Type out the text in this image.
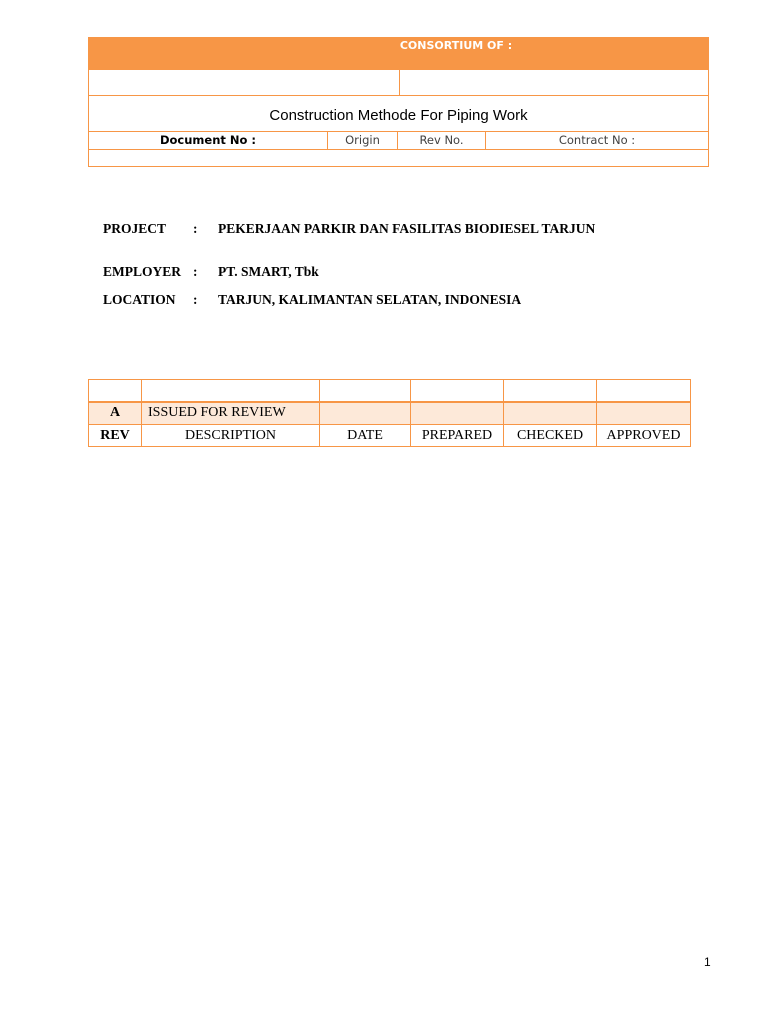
CONSORTIUM OF :
Construction Methode For Piping Work
Document No :	Origin	Rev No.	Contract No :
PROJECT : PEKERJAAN PARKIR DAN FASILITAS BIODIESEL TARJUN
EMPLOYER : PT. SMART, Tbk
LOCATION : TARJUN, KALIMANTAN SELATAN, INDONESIA

A	ISSUED FOR REVIEW				
REV	DESCRIPTION	DATE	PREPARED	CHECKED	APPROVED
1
